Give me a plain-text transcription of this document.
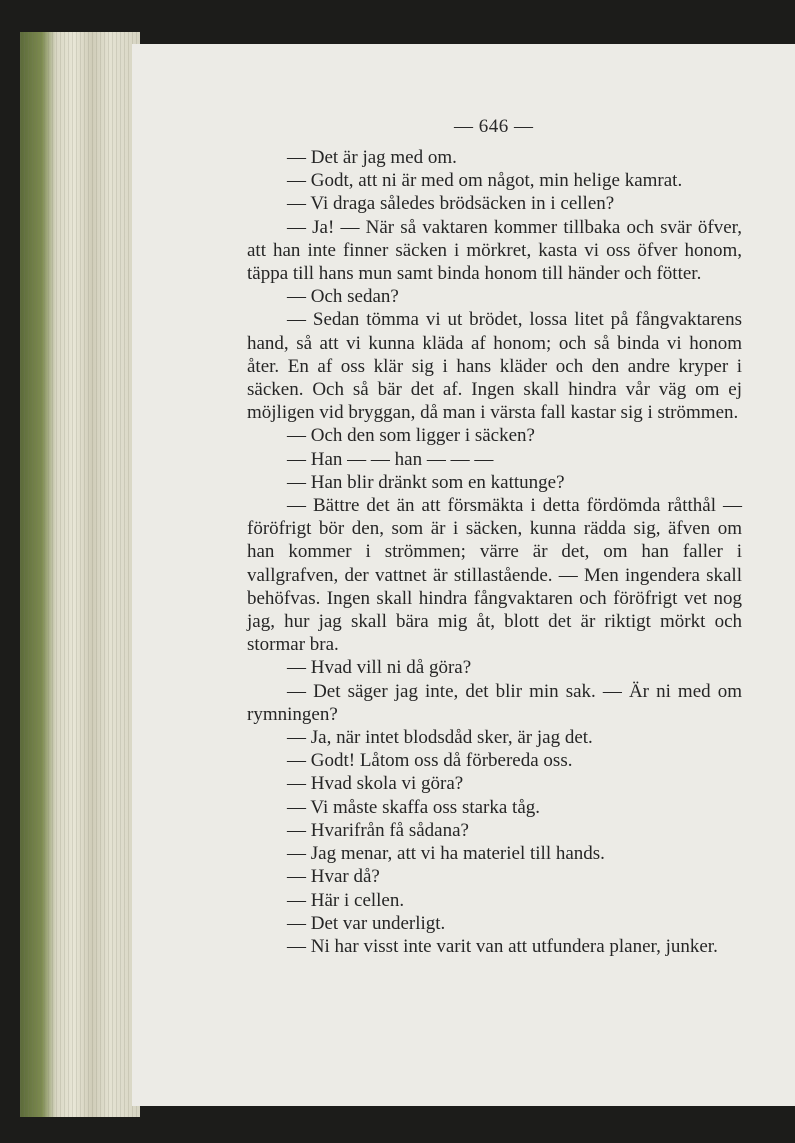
— 646 —

— Det är jag med om.

— Godt, att ni är med om något, min helige kamrat.

— Vi draga således brödsäcken in i cellen?

— Ja! — När så vaktaren kommer tillbaka och svär öfver, att han inte finner säcken i mörkret, kasta vi oss öfver honom, täppa till hans mun samt binda honom till händer och fötter.

— Och sedan?

— Sedan tömma vi ut brödet, lossa litet på fångvaktarens hand, så att vi kunna kläda af honom; och så binda vi honom åter. En af oss klär sig i hans kläder och den andre kryper i säcken. Och så bär det af. Ingen skall hindra vår väg om ej möjligen vid bryggan, då man i värsta fall kastar sig i strömmen.

— Och den som ligger i säcken?

— Han — — han — — —

— Han blir dränkt som en kattunge?

— Bättre det än att försmäkta i detta fördömda råtthål — föröfrigt bör den, som är i säcken, kunna rädda sig, äfven om han kommer i strömmen; värre är det, om han faller i vallgrafven, der vattnet är stillastående. — Men ingendera skall behöfvas. Ingen skall hindra fångvaktaren och föröfrigt vet nog jag, hur jag skall bära mig åt, blott det är riktigt mörkt och stormar bra.

— Hvad vill ni då göra?

— Det säger jag inte, det blir min sak. — Är ni med om rymningen?

— Ja, när intet blodsdåd sker, är jag det.

— Godt! Låtom oss då förbereda oss.

— Hvad skola vi göra?

— Vi måste skaffa oss starka tåg.

— Hvarifrån få sådana?

— Jag menar, att vi ha materiel till hands.

— Hvar då?

— Här i cellen.

— Det var underligt.

— Ni har visst inte varit van att utfundera planer, junker.
